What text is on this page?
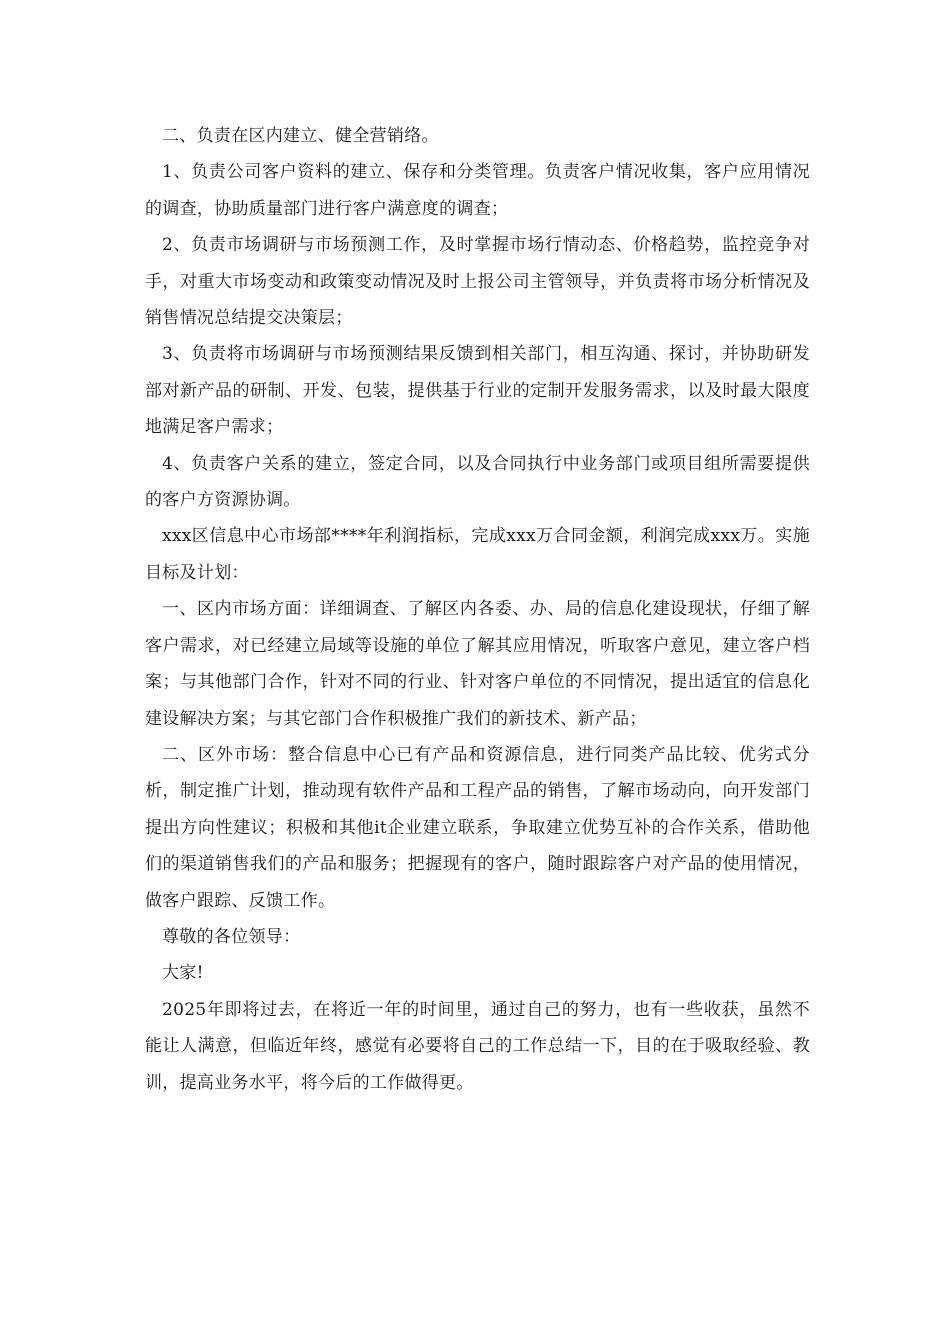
二、负责在区内建立、健全营销络。

1、负责公司客户资料的建立、保存和分类管理。负责客户情况收集，客户应用情况的调查，协助质量部门进行客户满意度的调查；

2、负责市场调研与市场预测工作，及时掌握市场行情动态、价格趋势，监控竞争对手，对重大市场变动和政策变动情况及时上报公司主管领导，并负责将市场分析情况及销售情况总结提交决策层；

3、负责将市场调研与市场预测结果反馈到相关部门，相互沟通、探讨，并协助研发部对新产品的研制、开发、包装，提供基于行业的定制开发服务需求，以及时最大限度地满足客户需求；

4、负责客户关系的建立，签定合同，以及合同执行中业务部门或项目组所需要提供的客户方资源协调。

xxx区信息中心市场部****年利润指标，完成xxx万合同金额，利润完成xxx万。实施目标及计划：

一、区内市场方面：详细调查、了解区内各委、办、局的信息化建设现状，仔细了解客户需求，对已经建立局域等设施的单位了解其应用情况，听取客户意见，建立客户档案；与其他部门合作，针对不同的行业、针对客户单位的不同情况，提出适宜的信息化建设解决方案；与其它部门合作积极推广我们的新技术、新产品；

二、区外市场：整合信息中心已有产品和资源信息，进行同类产品比较、优劣式分析，制定推广计划，推动现有软件产品和工程产品的销售，了解市场动向，向开发部门提出方向性建议；积极和其他it企业建立联系，争取建立优势互补的合作关系，借助他们的渠道销售我们的产品和服务；把握现有的客户，随时跟踪客户对产品的使用情况，做客户跟踪、反馈工作。

尊敬的各位领导：

大家!

2025年即将过去，在将近一年的时间里，通过自己的努力，也有一些收获，虽然不能让人满意，但临近年终，感觉有必要将自己的工作总结一下，目的在于吸取经验、教训，提高业务水平，将今后的工作做得更。
